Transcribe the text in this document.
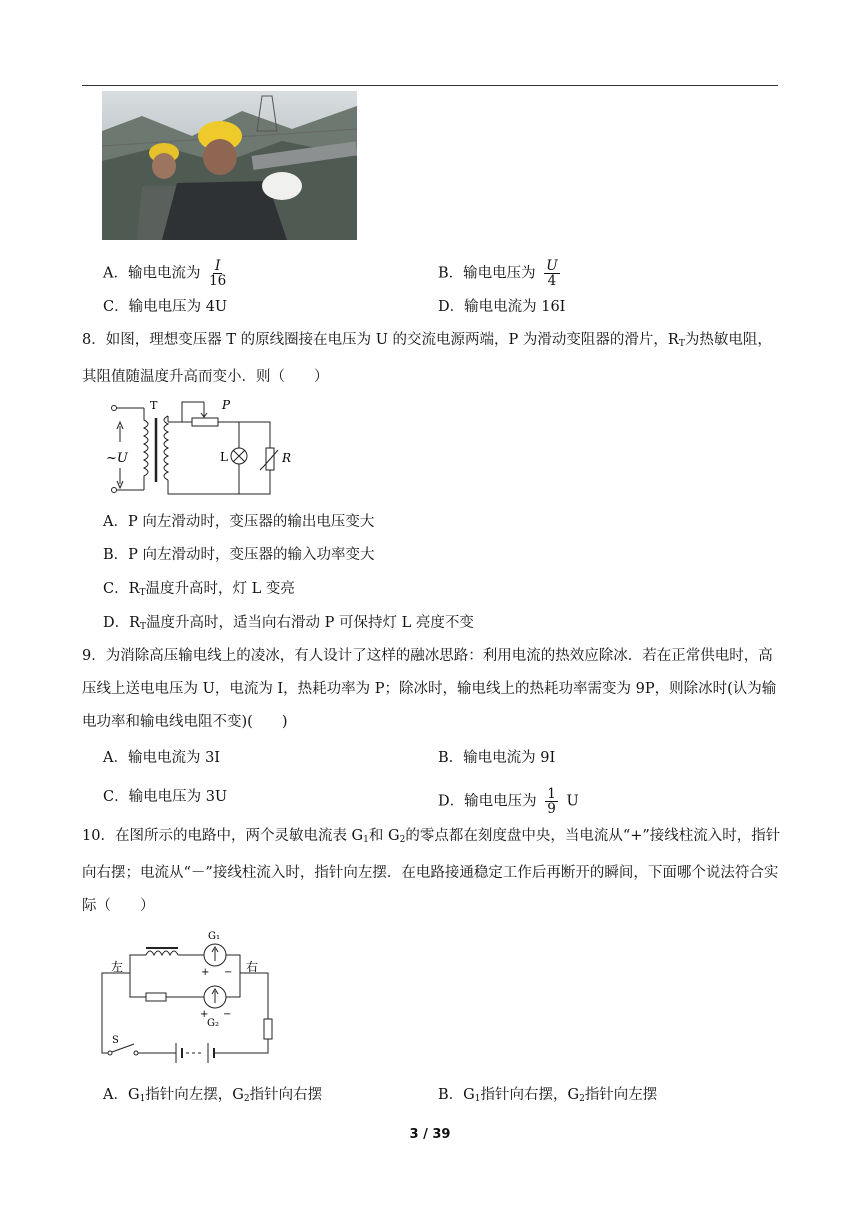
A．输电电流为 $\frac{I}{16}$	B．输电电压为 $\frac{U}{4}$
C．输电电压为 4U	D．输电电流为 16I
8．如图，理想变压器 T 的原线圈接在电压为 U 的交流电源两端，P 为滑动变阻器的滑片，$R_T$为热敏电阻，其阻值随温度升高而变小．则（　　）
~U
T	P
L	R
A．P 向左滑动时，变压器的输出电压变大
B．P 向左滑动时，变压器的输入功率变大
C．$R_T$温度升高时，灯 L 变亮
D．$R_T$温度升高时，适当向右滑动 P 可保持灯 L 亮度不变
9．为消除高压输电线上的凌冰，有人设计了这样的融冰思路：利用电流的热效应除冰．若在正常供电时，高压线上送电电压为 U，电流为 I，热耗功率为 P；除冰时，输电线上的热耗功率需变为 9P，则除冰时(认为输电功率和输电线电阻不变)(　　)
A．输电电流为 3I	B．输电电流为 9I
C．输电电压为 3U	D．输电电压为 $\frac{1}{9}$ U
10．在图所示的电路中，两个灵敏电流表 $G_1$和 $G_2$的零点都在刻度盘中央，当电流从“+”接线柱流入时，指针向右摆；电流从“－”接线柱流入时，指针向左摆．在电路接通稳定工作后再断开的瞬间，下面哪个说法符合实际（　　）
左	右
G₁
+ −
+ −
G₂
S
A．$G_1$指针向左摆，$G_2$指针向右摆	B．$G_1$指针向右摆，$G_2$指针向左摆
3 / 39
